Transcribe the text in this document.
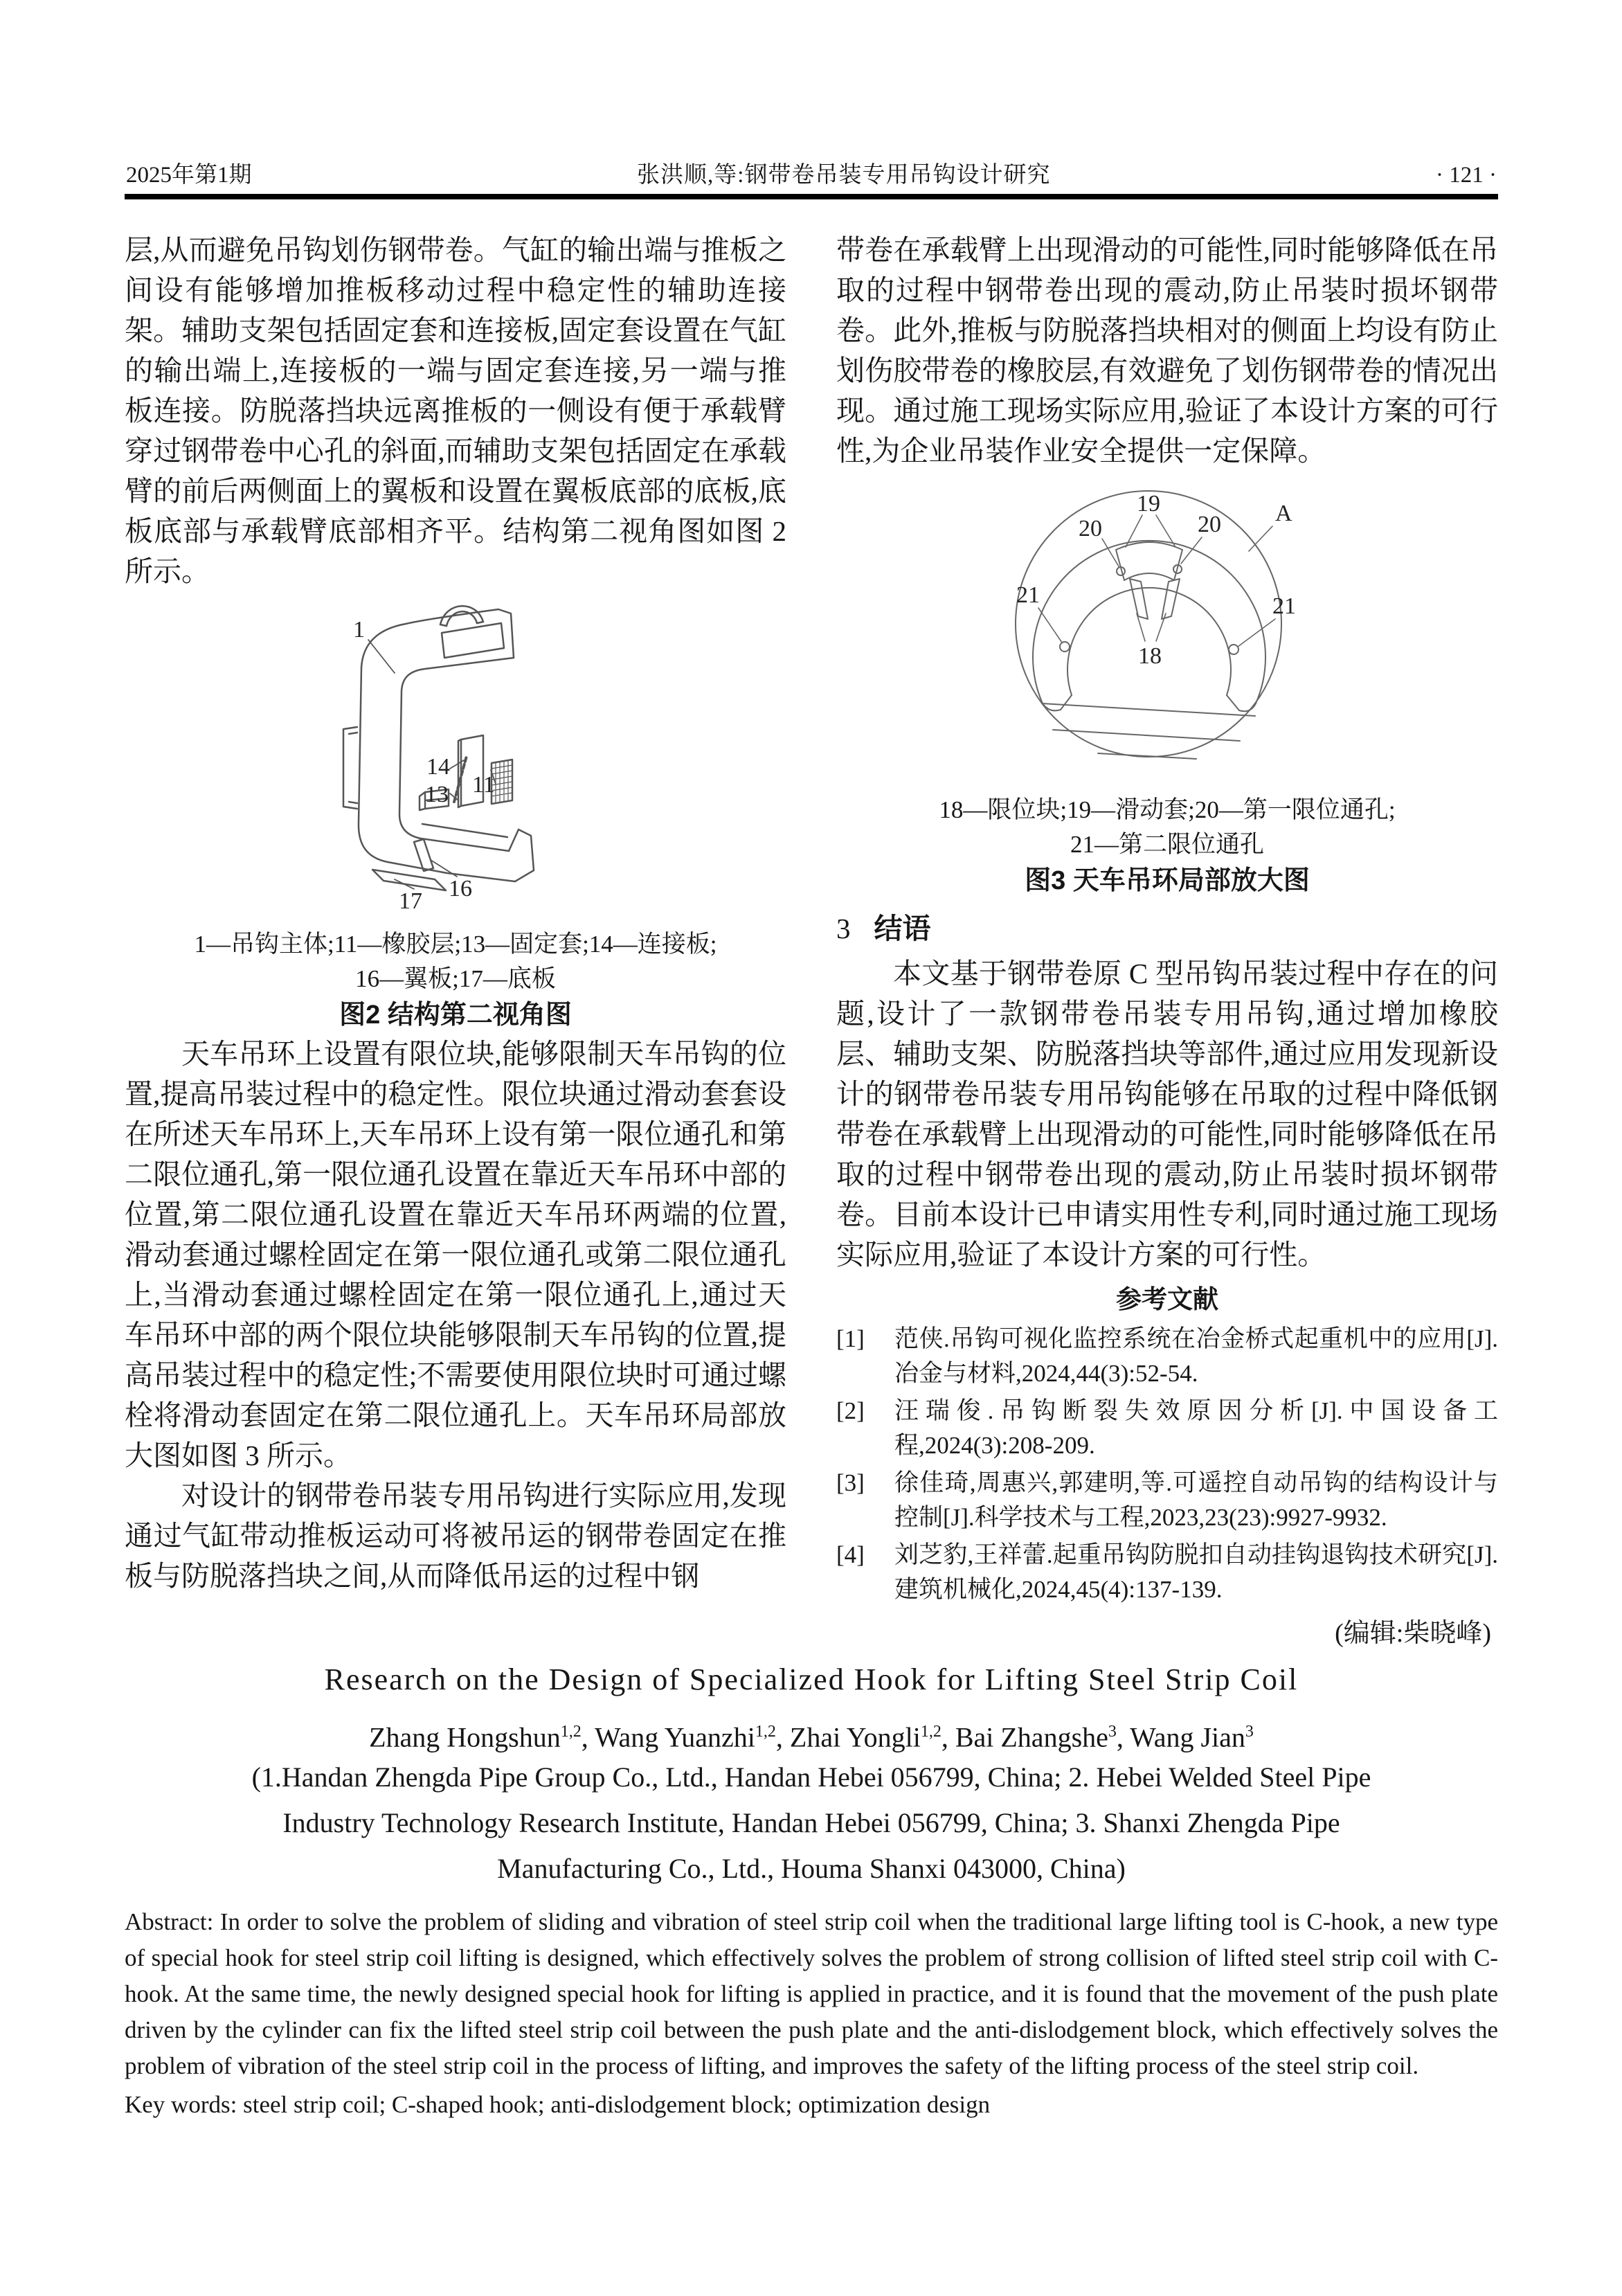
2025年第1期	张洪顺,等:钢带卷吊装专用吊钩设计研究	· 121 ·

层,从而避免吊钩划伤钢带卷。气缸的输出端与推板之间设有能够增加推板移动过程中稳定性的辅助连接架。辅助支架包括固定套和连接板,固定套设置在气缸的输出端上,连接板的一端与固定套连接,另一端与推板连接。防脱落挡块远离推板的一侧设有便于承载臂穿过钢带卷中心孔的斜面,而辅助支架包括固定在承载臂的前后两侧面上的翼板和设置在翼板底部的底板,底板底部与承载臂底部相齐平。结构第二视角图如图 2 所示。

1
14
13 11
16
17
1—吊钩主体;11—橡胶层;13—固定套;14—连接板;
16—翼板;17—底板
图2 结构第二视角图

天车吊环上设置有限位块,能够限制天车吊钩的位置,提高吊装过程中的稳定性。限位块通过滑动套套设在所述天车吊环上,天车吊环上设有第一限位通孔和第二限位通孔,第一限位通孔设置在靠近天车吊环中部的位置,第二限位通孔设置在靠近天车吊环两端的位置,滑动套通过螺栓固定在第一限位通孔或第二限位通孔上,当滑动套通过螺栓固定在第一限位通孔上,通过天车吊环中部的两个限位块能够限制天车吊钩的位置,提高吊装过程中的稳定性;不需要使用限位块时可通过螺栓将滑动套固定在第二限位通孔上。天车吊环局部放大图如图 3 所示。

对设计的钢带卷吊装专用吊钩进行实际应用,发现通过气缸带动推板运动可将被吊运的钢带卷固定在推板与防脱落挡块之间,从而降低吊运的过程中钢

带卷在承载臂上出现滑动的可能性,同时能够降低在吊取的过程中钢带卷出现的震动,防止吊装时损坏钢带卷。此外,推板与防脱落挡块相对的侧面上均设有防止划伤胶带卷的橡胶层,有效避免了划伤钢带卷的情况出现。通过施工现场实际应用,验证了本设计方案的可行性,为企业吊装作业安全提供一定保障。

19
20	20 A
21	21
18
18—限位块;19—滑动套;20—第一限位通孔;
21—第二限位通孔
图3 天车吊环局部放大图
3 结语

本文基于钢带卷原 C 型吊钩吊装过程中存在的问题,设计了一款钢带卷吊装专用吊钩,通过增加橡胶层、辅助支架、防脱落挡块等部件,通过应用发现新设计的钢带卷吊装专用吊钩能够在吊取的过程中降低钢带卷在承载臂上出现滑动的可能性,同时能够降低在吊取的过程中钢带卷出现的震动,防止吊装时损坏钢带卷。目前本设计已申请实用性专利,同时通过施工现场实际应用,验证了本设计方案的可行性。

参考文献
[1]	范侠.吊钩可视化监控系统在冶金桥式起重机中的应用[J].冶金与材料,2024,44(3):52-54.
[2]	汪瑞俊.吊钩断裂失效原因分析[J].中国设备工程,2024(3):208-209.
[3]	徐佳琦,周惠兴,郭建明,等.可遥控自动吊钩的结构设计与控制[J].科学技术与工程,2023,23(23):9927-9932.
[4]	刘芝豹,王祥蕾.起重吊钩防脱扣自动挂钩退钩技术研究[J].建筑机械化,2024,45(4):137-139.
(编辑:柴晓峰)
Research on the Design of Specialized Hook for Lifting Steel Strip Coil
Zhang Hongshun$^{1,2}$, Wang Yuanzhi$^{1,2}$, Zhai Yongli$^{1,2}$, Bai Zhangshe$^3$, Wang Jian$^3$
(1.Handan Zhengda Pipe Group Co., Ltd., Handan Hebei 056799, China; 2. Hebei Welded Steel Pipe
Industry Technology Research Institute, Handan Hebei 056799, China; 3. Shanxi Zhengda Pipe
Manufacturing Co., Ltd., Houma Shanxi 043000, China)
Abstract: In order to solve the problem of sliding and vibration of steel strip coil when the traditional large lifting tool is C-hook, a new type of special hook for steel strip coil lifting is designed, which effectively solves the problem of strong collision of lifted steel strip coil with C-hook. At the same time, the newly designed special hook for lifting is applied in practice, and it is found that the movement of the push plate driven by the cylinder can fix the lifted steel strip coil between the push plate and the anti-dislodgement block, which effectively solves the problem of vibration of the steel strip coil in the process of lifting, and improves the safety of the lifting process of the steel strip coil.
Key words: steel strip coil; C-shaped hook; anti-dislodgement block; optimization design
